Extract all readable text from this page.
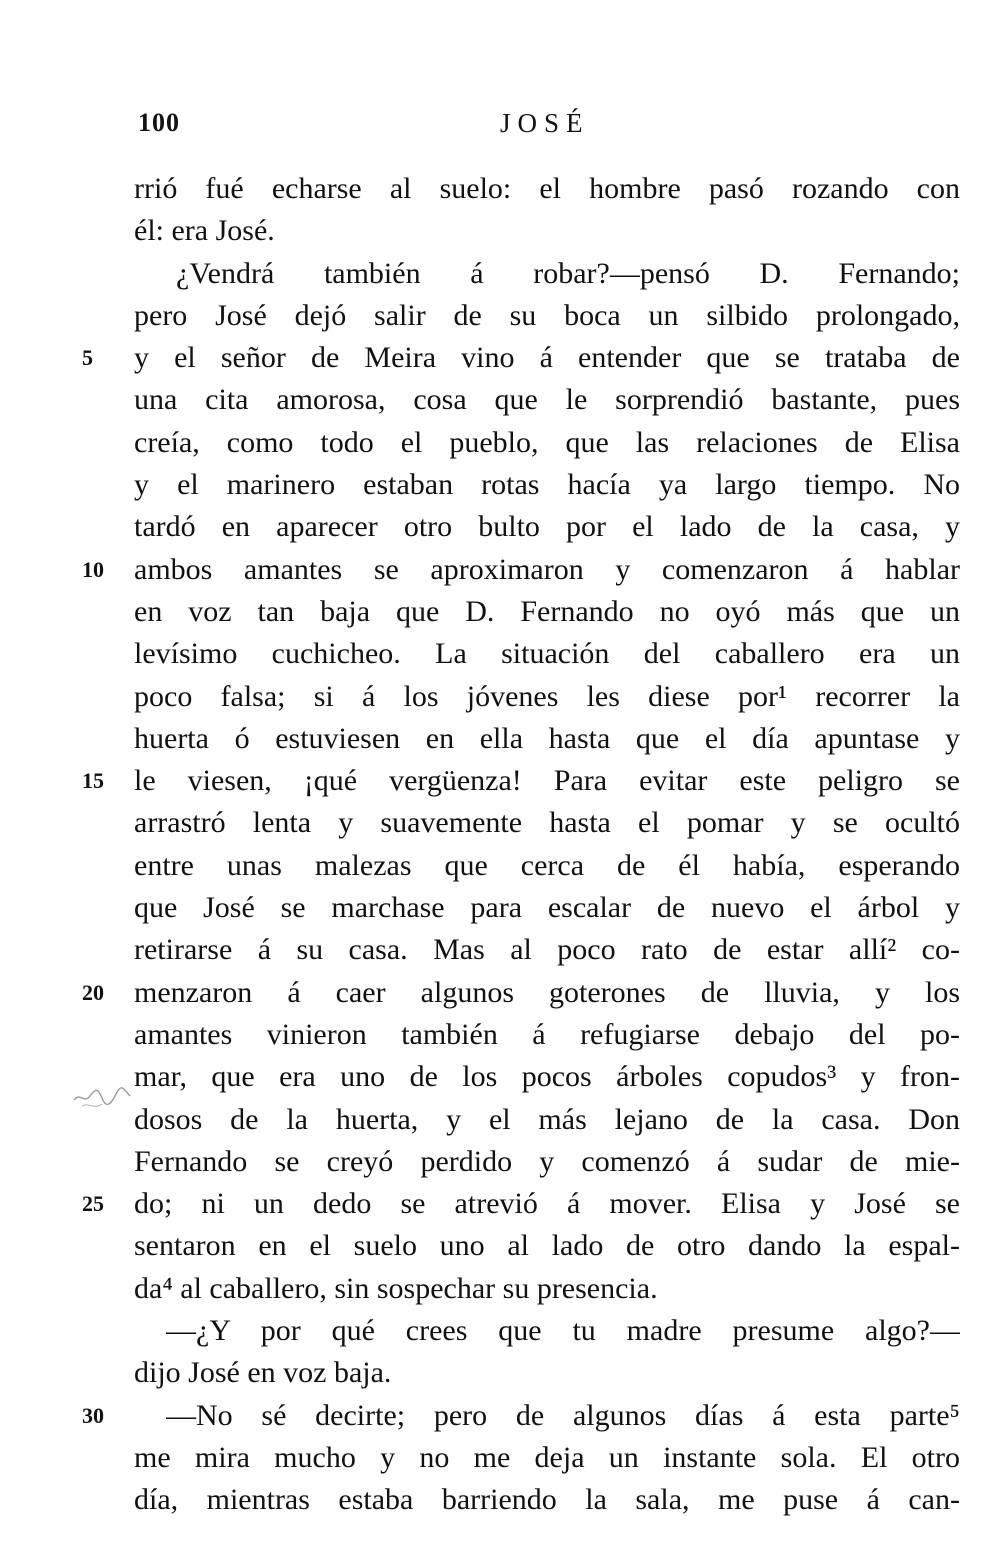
100	JOSÉ
rrió fué echarse al suelo: el hombre pasó rozando con
él: era José.
¿Vendrá también á robar?—pensó D. Fernando;
pero José dejó salir de su boca un silbido prolongado,
5	y el señor de Meira vino á entender que se trataba de
una cita amorosa, cosa que le sorprendió bastante, pues
creía, como todo el pueblo, que las relaciones de Elisa
y el marinero estaban rotas hacía ya largo tiempo. No
tardó en aparecer otro bulto por el lado de la casa, y
10	ambos amantes se aproximaron y comenzaron á hablar
en voz tan baja que D. Fernando no oyó más que un
levísimo cuchicheo. La situación del caballero era un
poco falsa; si á los jóvenes les diese por¹ recorrer la
huerta ó estuviesen en ella hasta que el día apuntase y
15	le viesen, ¡qué vergüenza! Para evitar este peligro se
arrastró lenta y suavemente hasta el pomar y se ocultó
entre unas malezas que cerca de él había, esperando
que José se marchase para escalar de nuevo el árbol y
retirarse á su casa. Mas al poco rato de estar allí² co-
20	menzaron á caer algunos goterones de lluvia, y los
amantes vinieron también á refugiarse debajo del po-
mar, que era uno de los pocos árboles copudos³ y fron-
dosos de la huerta, y el más lejano de la casa. Don
Fernando se creyó perdido y comenzó á sudar de mie-
25	do; ni un dedo se atrevió á mover. Elisa y José se
sentaron en el suelo uno al lado de otro dando la espal-
da⁴ al caballero, sin sospechar su presencia.
—¿Y por qué crees que tu madre presume algo?—
dijo José en voz baja.
30	—No sé decirte; pero de algunos días á esta parte⁵
me mira mucho y no me deja un instante sola. El otro
día, mientras estaba barriendo la sala, me puse á can-
